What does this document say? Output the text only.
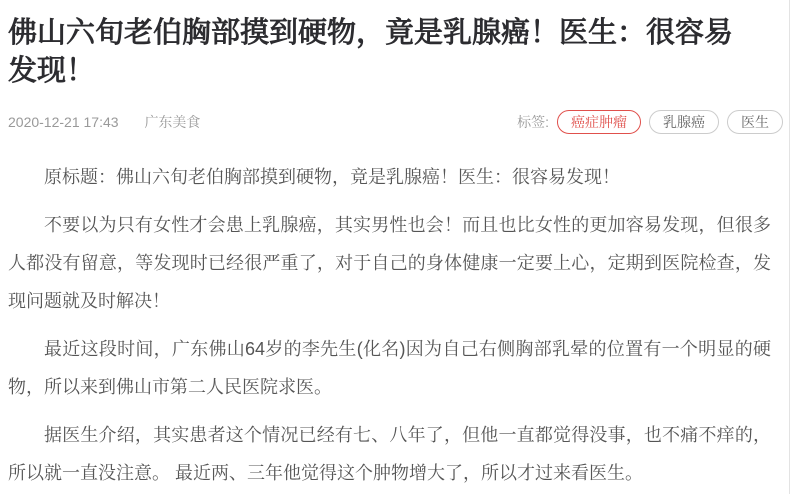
佛山六旬老伯胸部摸到硬物，竟是乳腺癌！医生：很容易发现！
2020-12-21 17:43 广东美食	标签:	癌症肿瘤	乳腺癌	医生

原标题：佛山六旬老伯胸部摸到硬物，竟是乳腺癌！医生：很容易发现！

不要以为只有女性才会患上乳腺癌，其实男性也会！而且也比女性的更加容易发现，但很多人都没有留意，等发现时已经很严重了，对于自己的身体健康一定要上心，定期到医院检查，发现问题就及时解决！

最近这段时间，广东佛山64岁的李先生(化名)因为自己右侧胸部乳晕的位置有一个明显的硬物，所以来到佛山市第二人民医院求医。

据医生介绍，其实患者这个情况已经有七、八年了，但他一直都觉得没事，也不痛不痒的，所以就一直没注意。 最近两、三年他觉得这个肿物增大了，所以才过来看医生。
